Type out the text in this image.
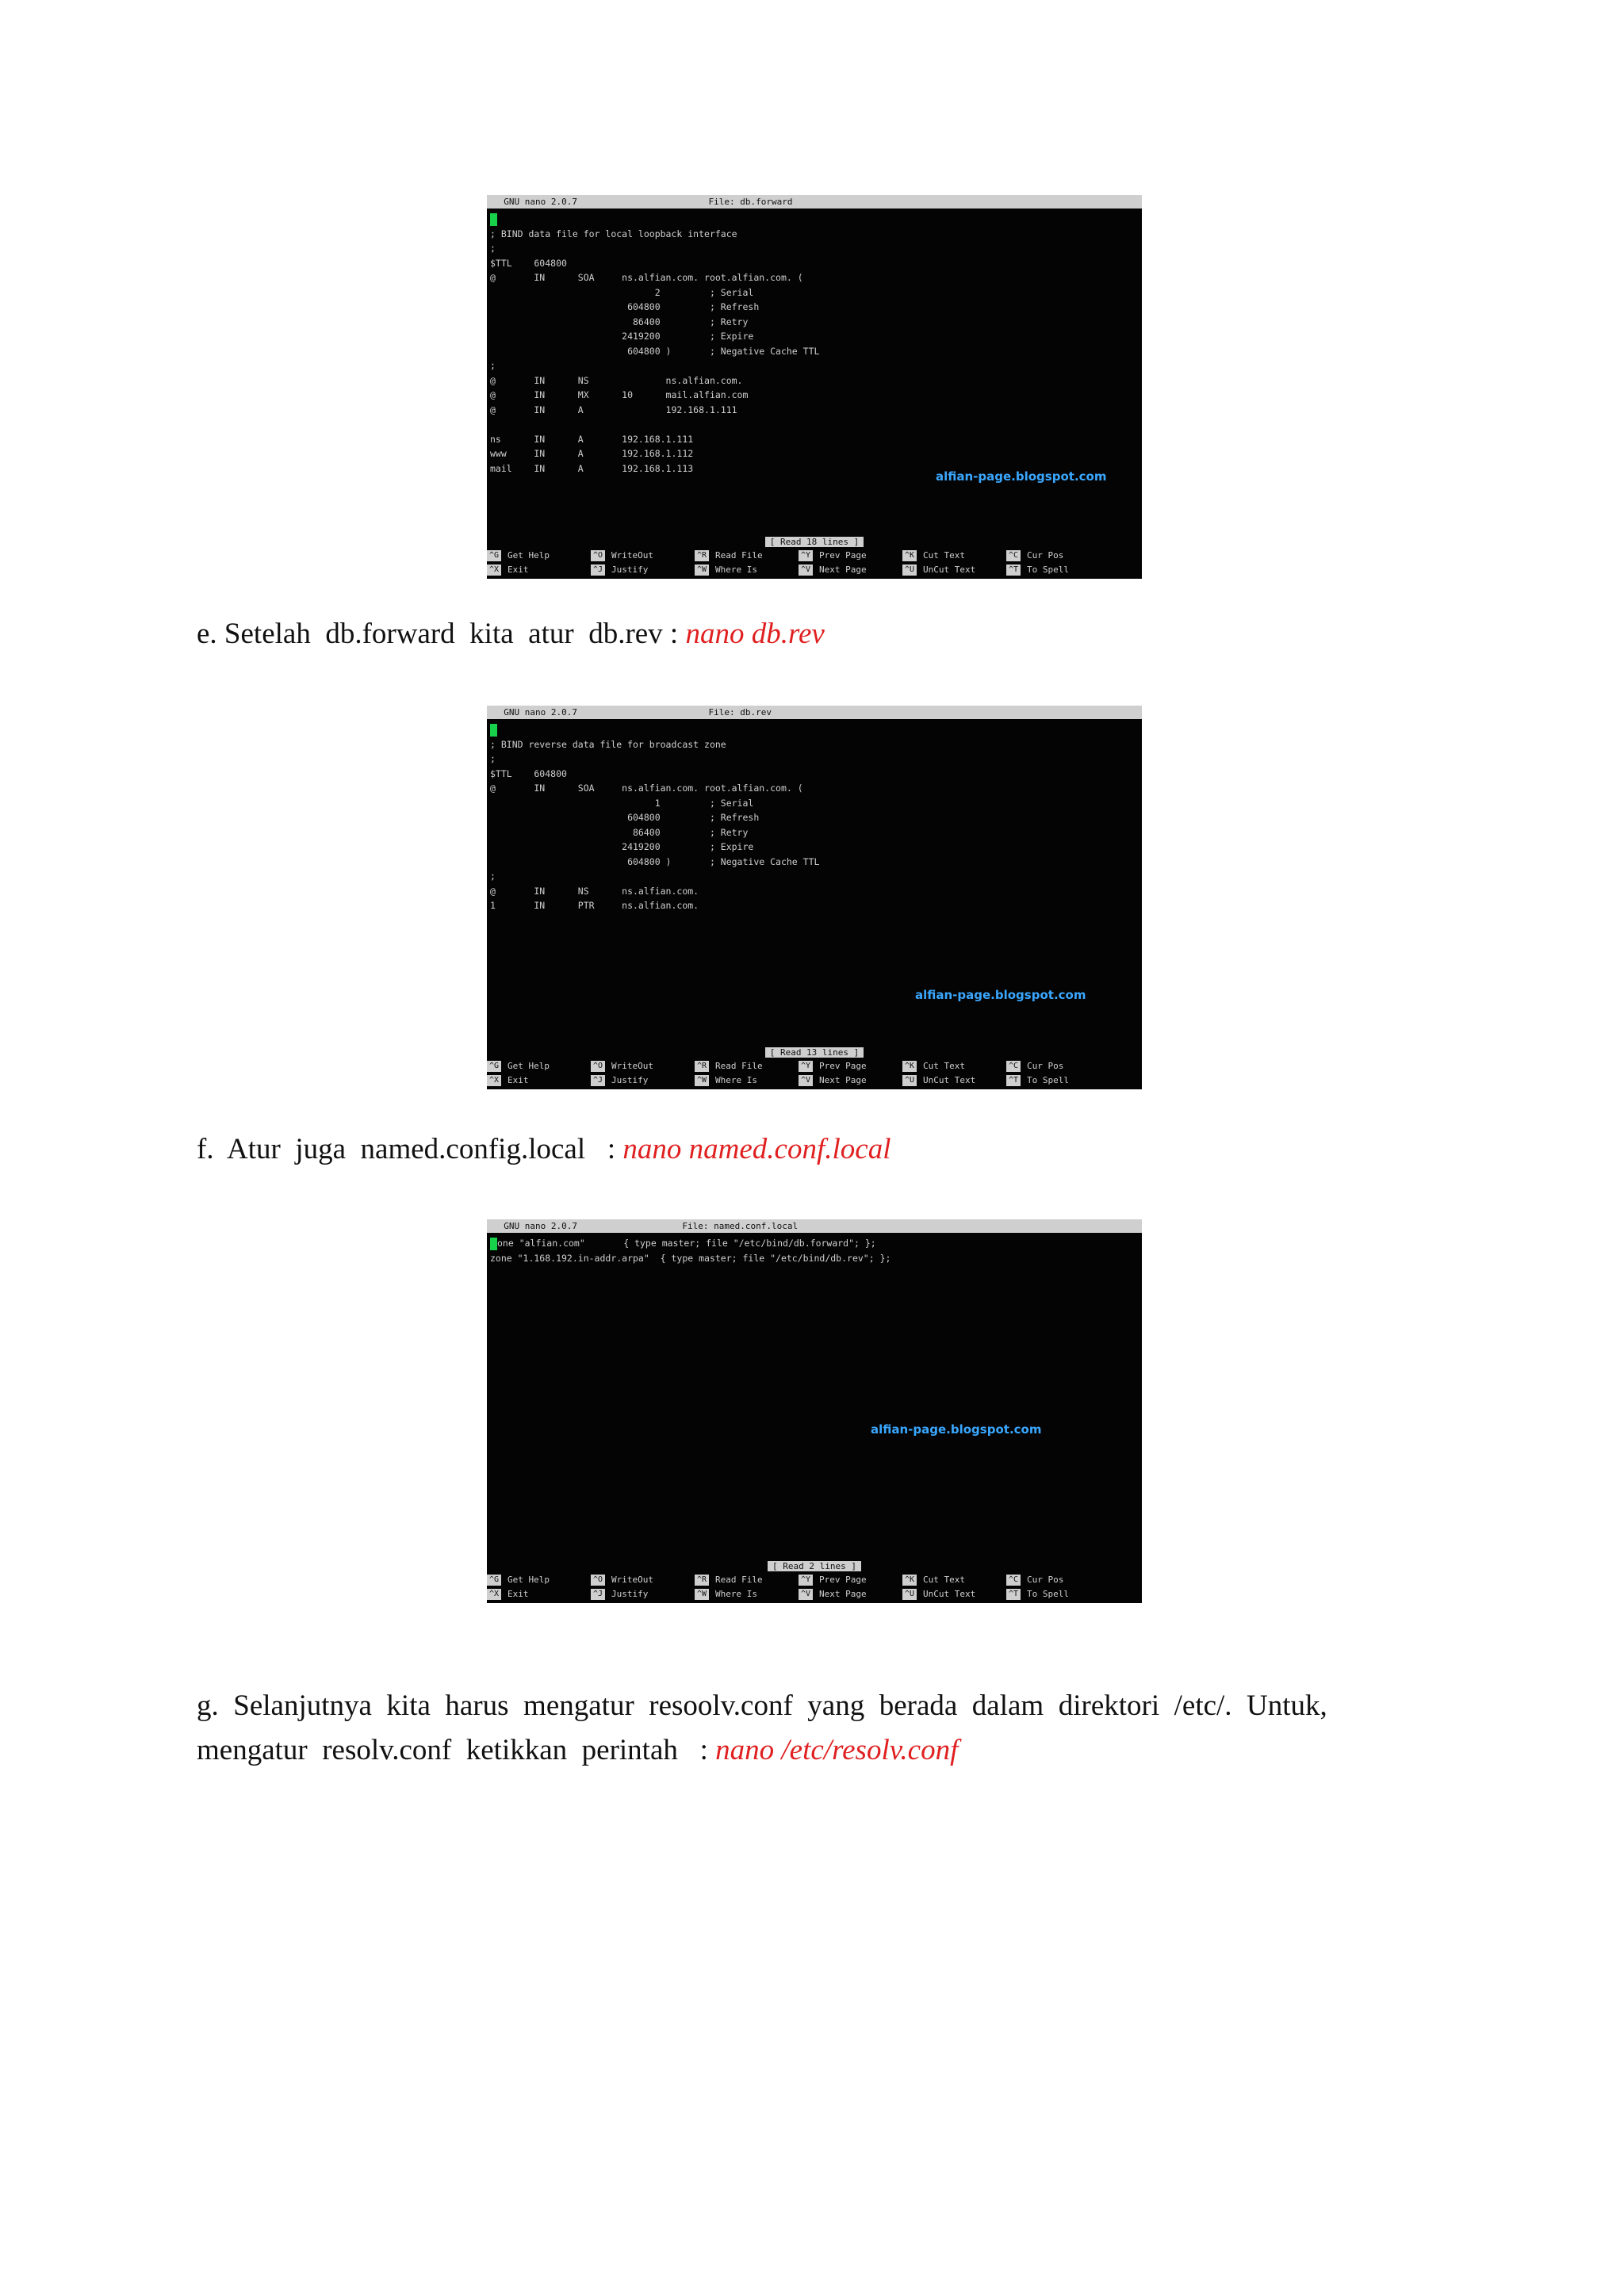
GNU nano 2.0.7                         File: db.forward

; BIND data file for local loopback interface
;
$TTL    604800
@       IN      SOA     ns.alfian.com. root.alfian.com. (
2         ; Serial
604800         ; Refresh
86400         ; Retry
2419200         ; Expire
604800 )       ; Negative Cache TTL
;
@       IN      NS              ns.alfian.com.
@       IN      MX      10      mail.alfian.com
@       IN      A               192.168.1.111

ns      IN      A       192.168.1.111
www     IN      A       192.168.1.112
mail    IN      A       192.168.1.113
alfian-page.blogspot.com
[ Read 18 lines ]
^G Get Help	^O WriteOut	^R Read File	^Y Prev Page	^K Cut Text	^C Cur Pos
^X Exit	^J Justify	^W Where Is	^V Next Page	^U UnCut Text	^T To Spell
e. Setelah  db.forward  kita  atur  db.rev : nano db.rev
GNU nano 2.0.7                         File: db.rev

; BIND reverse data file for broadcast zone
;
$TTL    604800
@       IN      SOA     ns.alfian.com. root.alfian.com. (
1         ; Serial
604800         ; Refresh
86400         ; Retry
2419200         ; Expire
604800 )       ; Negative Cache TTL
;
@       IN      NS      ns.alfian.com.
1       IN      PTR     ns.alfian.com.
alfian-page.blogspot.com
[ Read 13 lines ]
^G Get Help	^O WriteOut	^R Read File	^Y Prev Page	^K Cut Text	^C Cur Pos
^X Exit	^J Justify	^W Where Is	^V Next Page	^U UnCut Text	^T To Spell
f.  Atur  juga  named.config.local   : nano named.conf.local
GNU nano 2.0.7                    File: named.conf.local
one "alfian.com"       { type master; file "/etc/bind/db.forward"; };
zone "1.168.192.in-addr.arpa"  { type master; file "/etc/bind/db.rev"; };
alfian-page.blogspot.com
[ Read 2 lines ]
^G Get Help	^O WriteOut	^R Read File	^Y Prev Page	^K Cut Text	^C Cur Pos
^X Exit	^J Justify	^W Where Is	^V Next Page	^U UnCut Text	^T To Spell
g.  Selanjutnya  kita  harus  mengatur  resoolv.conf  yang  berada  dalam  direktori  /etc/.  Untuk,
mengatur  resolv.conf  ketikkan  perintah   : nano /etc/resolv.conf
